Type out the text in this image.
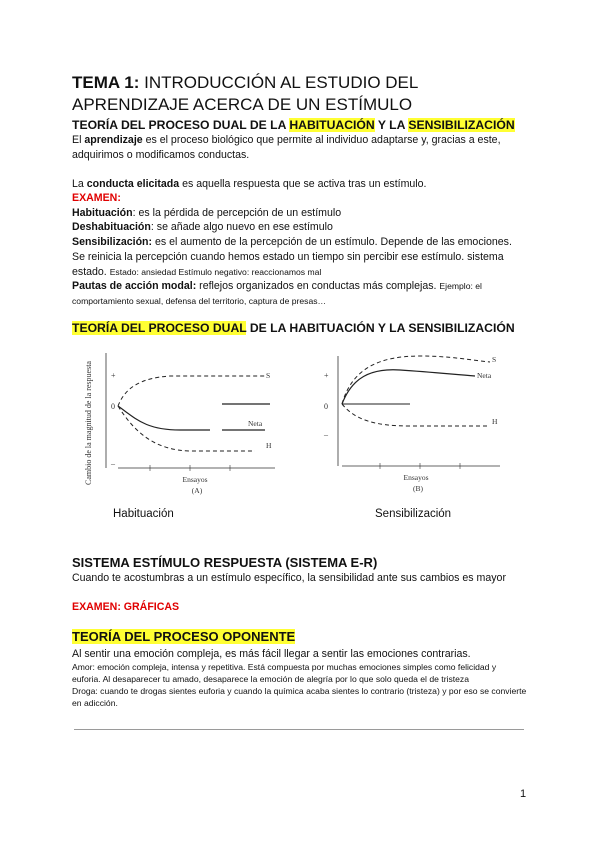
TEMA 1: INTRODUCCIÓN AL ESTUDIO DEL
APRENDIZAJE ACERCA DE UN ESTÍMULO
TEORÍA DEL PROCESO DUAL DE LA HABITUACIÓN Y LA SENSIBILIZACIÓN
El aprendizaje es el proceso biológico que permite al individuo adaptarse y, gracias a este, adquirimos o modificamos conductas.
La conducta elicitada es aquella respuesta que se activa tras un estímulo.
EXAMEN:
Habituación: es la pérdida de percepción de un estímulo
Deshabituación: se añade algo nuevo en ese estímulo
Sensibilización: es el aumento de la percepción de un estímulo. Depende de las emociones. Se reinicia la percepción cuando hemos estado un tiempo sin percibir ese estímulo. sistema estado. Estado: ansiedad Estímulo negativo: reaccionamos mal
Pautas de acción modal: reflejos organizados en conductas más complejas. Ejemplo: el comportamiento sexual, defensa del territorio, captura de presas…
TEORÍA DEL PROCESO DUAL DE LA HABITUACIÓN Y LA SENSIBILIZACIÓN
Cambio de la magnitud de la respuesta +
0
–
S
Neta
H
Ensayos
(A)
+
0
–
S
Neta
H
Ensayos
(B)
Habituación	Sensibilización
SISTEMA ESTÍMULO RESPUESTA (SISTEMA E-R)
Cuando te acostumbras a un estímulo específico, la sensibilidad ante sus cambios es mayor
EXAMEN: GRÁFICAS
TEORÍA DEL PROCESO OPONENTE
Al sentir una emoción compleja, es más fácil llegar a sentir las emociones contrarias.
Amor: emoción compleja, intensa y repetitiva. Está compuesta por muchas emociones simples como felicidad y euforia. Al desaparecer tu amado, desaparece la emoción de alegría por lo que solo queda el de tristeza
Droga: cuando te drogas sientes euforia y cuando la química acaba sientes lo contrario (tristeza) y por eso se convierte en adicción.
1
